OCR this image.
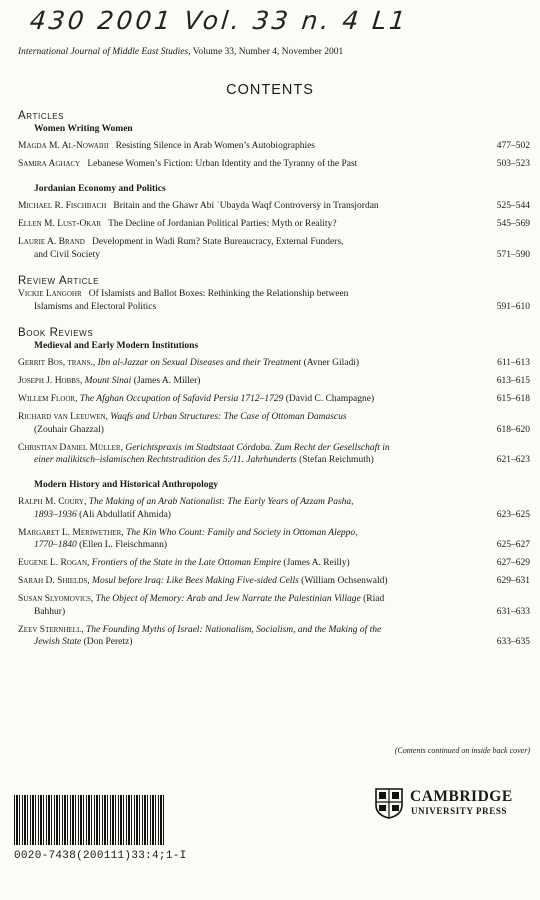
430 2001 Vol. 33 n. 4 L1
International Journal of Middle East Studies, Volume 33, Number 4, November 2001
CONTENTS
Articles
Women Writing Women
Magda M. Al-Nowaihi Resisting Silence in Arab Women’s Autobiographies	477–502
Samira Aghacy Lebanese Women’s Fiction: Urban Identity and the Tyranny of the Past	503–523
Jordanian Economy and Politics
Michael R. Fischbach Britain and the Ghawr Abi ʿUbayda Waqf Controversy in Transjordan	525–544
Ellen M. Lust-Okar The Decline of Jordanian Political Parties: Myth or Reality?	545–569
Laurie A. Brand Development in Wadi Rum? State Bureaucracy, External Funders,
and Civil Society	571–590
Review Article
Vickie Langohr Of Islamists and Ballot Boxes: Rethinking the Relationship between
Islamisms and Electoral Politics	591–610
Book Reviews
Medieval and Early Modern Institutions
Gerrit Bos, trans., Ibn al-Jazzar on Sexual Diseases and their Treatment (Avner Giladi)	611–613
Joseph J. Hobbs, Mount Sinai (James A. Miller)	613–615
Willem Floor, The Afghan Occupation of Safavid Persia 1712–1729 (David C. Champagne)	615–618
Richard van Leeuwen, Waqfs and Urban Structures: The Case of Ottoman Damascus
(Zouhair Ghazzal)	618–620
Christian Daniel Müller, Gerichtspraxis im Stadtstaat Córdoba. Zum Recht der Gesellschaft in
einer malikitsch–islamischen Rechtstradition des 5./11. Jahrhunderts (Stefan Reichmuth)	621–623
Modern History and Historical Anthropology
Ralph M. Coury, The Making of an Arab Nationalist: The Early Years of Azzam Pasha,
1893–1936 (Ali Abdullatif Ahmida)	623–625
Margaret L. Meriwether, The Kin Who Count: Family and Society in Ottoman Aleppo,
1770–1840 (Ellen L. Fleischmann)	625–627
Eugene L. Rogan, Frontiers of the State in the Late Ottoman Empire (James A. Reilly)	627–629
Sarah D. Shields, Mosul before Iraq: Like Bees Making Five-sided Cells (William Ochsenwald)	629–631
Susan Slyomovics, The Object of Memory: Arab and Jew Narrate the Palestinian Village (Riad
Bahhur)	631–633
Zeev Sternhell, The Founding Myths of Israel: Nationalism, Socialism, and the Making of the
Jewish State (Don Peretz)	633–635
(Contents continued on inside back cover)
0020-7438(200111)33:4;1-I
CAMBRIDGE
UNIVERSITY PRESS
